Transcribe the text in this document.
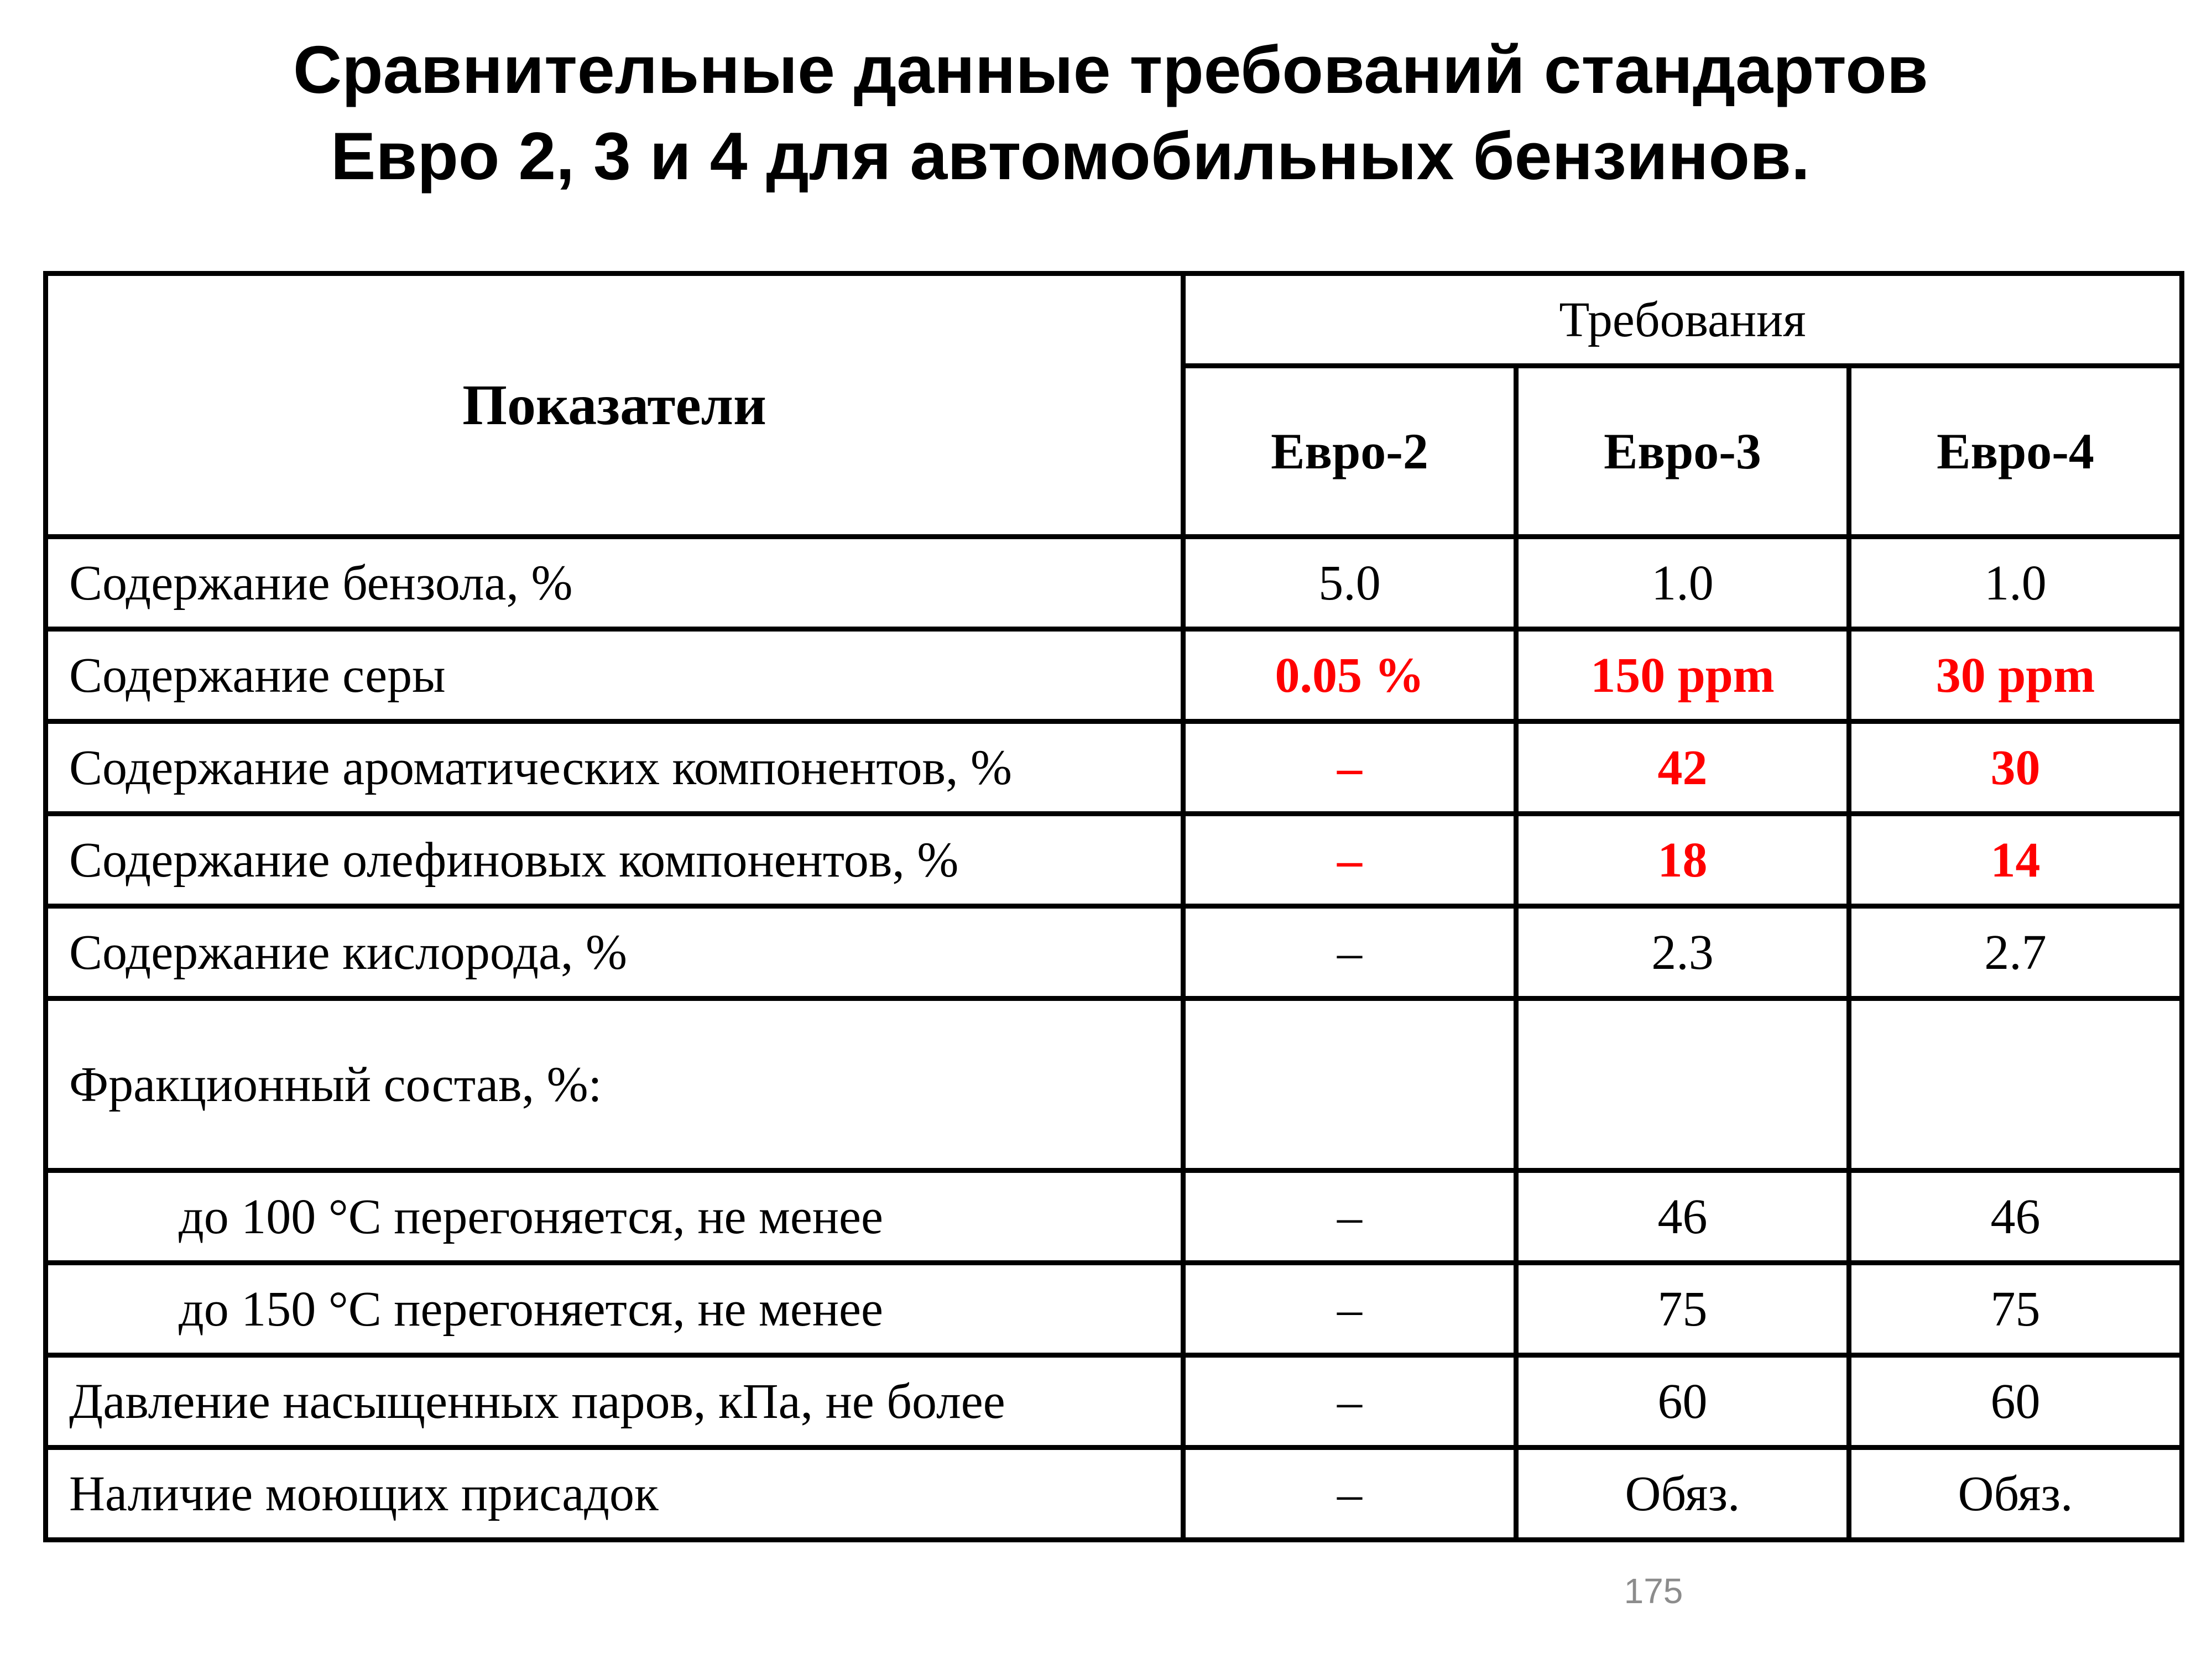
Сравнительные данные требований стандартов
Евро 2, 3 и 4 для автомобильных бензинов.
Показатели	Требования		
	Евро-2	Евро-3	Евро-4
Содержание бензола, %	5.0	1.0	1.0
Содержание серы	0.05 %	150 ppm	30 ppm
Содержание ароматических компонентов, %	–	42	30
Содержание олефиновых компонентов, %	–	18	14
Содержание кислорода, %	–	2.3	2.7
Фракционный состав, %:			
до 100 °С перегоняется, не менее	–	46	46
до 150 °С перегоняется, не менее	–	75	75
Давление насыщенных паров, кПа, не более	–	60	60
Наличие моющих присадок	–	Обяз.	Обяз.
175
